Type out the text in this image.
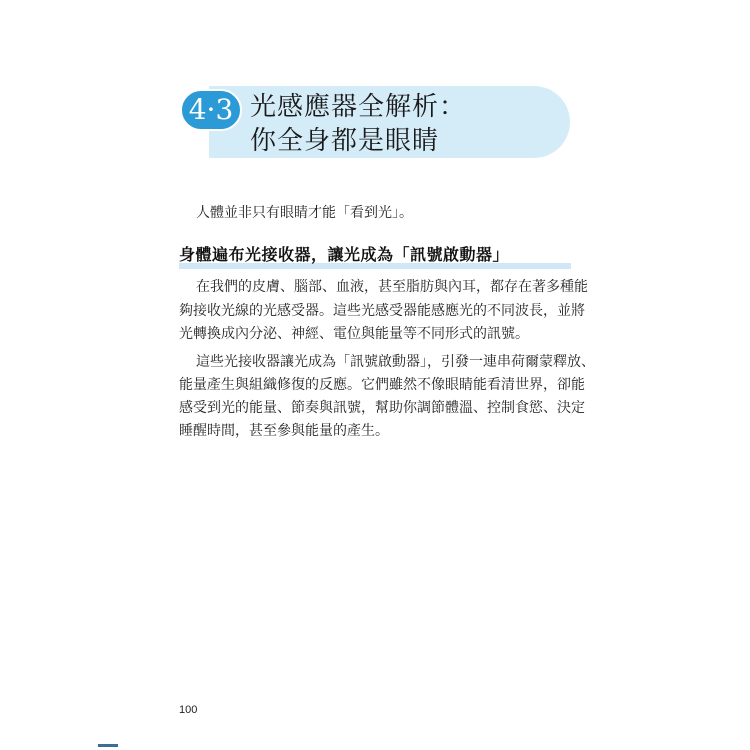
4·3 光感應器全解析：
你全身都是眼睛
人體並非只有眼睛才能「看到光」。
身體遍布光接收器，讓光成為「訊號啟動器」
在我們的皮膚、腦部、血液，甚至脂肪與內耳，都存在著多種能
夠接收光線的光感受器。這些光感受器能感應光的不同波長，並將
光轉換成內分泌、神經、電位與能量等不同形式的訊號。
這些光接收器讓光成為「訊號啟動器」，引發一連串荷爾蒙釋放、
能量產生與組織修復的反應。它們雖然不像眼睛能看清世界，卻能
感受到光的能量、節奏與訊號，幫助你調節體溫、控制食慾、決定
睡醒時間，甚至參與能量的產生。
100
